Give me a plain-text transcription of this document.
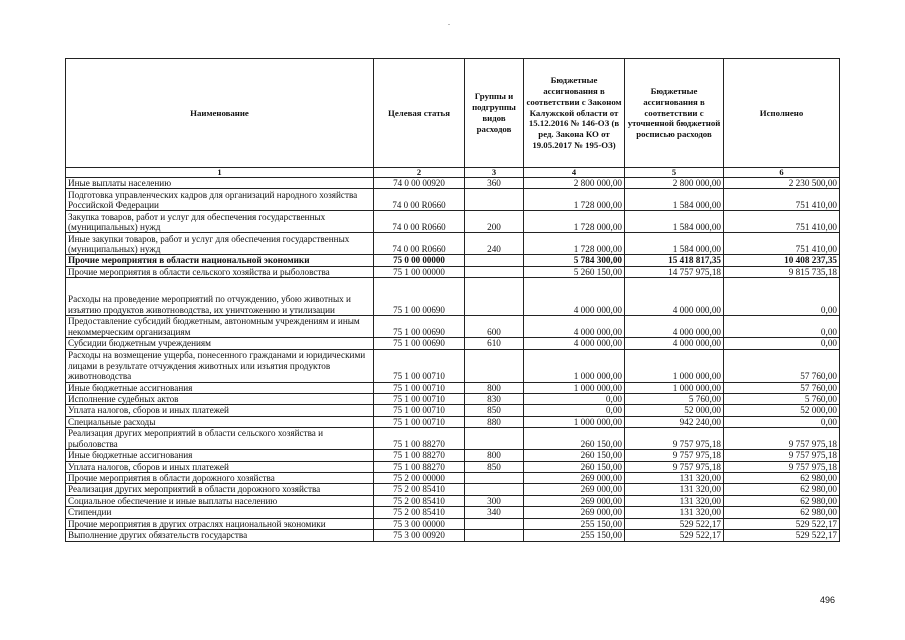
Наименование	Целевая статья	Группы и подгруппы видов расходов	Бюджетные ассигнования в соответствии с Законом Калужской области от 15.12.2016 № 146-ОЗ (в ред. Закона КО от 19.05.2017 № 195-ОЗ)	Бюджетные ассигнования в соответствии с уточненной бюджетной росписью расходов	Исполнено
1	2	3	4	5	6
Иные выплаты населению	74 0 00 00920	360	2 800 000,00	2 800 000,00	2 230 500,00
Подготовка управленческих кадров для организаций народного хозяйства Российской Федерации	74 0 00 R0660		1 728 000,00	1 584 000,00	751 410,00
Закупка товаров, работ и услуг для обеспечения государственных (муниципальных) нужд	74 0 00 R0660	200	1 728 000,00	1 584 000,00	751 410,00
Иные закупки товаров, работ и услуг для обеспечения государственных (муниципальных) нужд	74 0 00 R0660	240	1 728 000,00	1 584 000,00	751 410,00
Прочие мероприятия в области национальной экономики	75 0 00 00000		5 784 300,00	15 418 817,35	10 408 237,35
Прочие мероприятия в области сельского хозяйства и рыболовства	75 1 00 00000		5 260 150,00	14 757 975,18	9 815 735,18
Расходы на проведение мероприятий по отчуждению, убою животных и изъятию продуктов животноводства, их уничтожению и утилизации	75 1 00 00690		4 000 000,00	4 000 000,00	0,00
Предоставление субсидий бюджетным, автономным учреждениям и иным некоммерческим организациям	75 1 00 00690	600	4 000 000,00	4 000 000,00	0,00
Субсидии бюджетным учреждениям	75 1 00 00690	610	4 000 000,00	4 000 000,00	0,00
Расходы на возмещение ущерба, понесенного гражданами и юридическими лицами в результате отчуждения животных или изъятия продуктов животноводства	75 1 00 00710		1 000 000,00	1 000 000,00	57 760,00
Иные бюджетные ассигнования	75 1 00 00710	800	1 000 000,00	1 000 000,00	57 760,00
Исполнение судебных актов	75 1 00 00710	830	0,00	5 760,00	5 760,00
Уплата налогов, сборов и иных платежей	75 1 00 00710	850	0,00	52 000,00	52 000,00
Специальные расходы	75 1 00 00710	880	1 000 000,00	942 240,00	0,00
Реализация других мероприятий в области сельского хозяйства и рыболовства	75 1 00 88270		260 150,00	9 757 975,18	9 757 975,18
Иные бюджетные ассигнования	75 1 00 88270	800	260 150,00	9 757 975,18	9 757 975,18
Уплата налогов, сборов и иных платежей	75 1 00 88270	850	260 150,00	9 757 975,18	9 757 975,18
Прочие мероприятия в области дорожного хозяйства	75 2 00 00000		269 000,00	131 320,00	62 980,00
Реализация других мероприятий в области дорожного хозяйства	75 2 00 85410		269 000,00	131 320,00	62 980,00
Социальное обеспечение и иные выплаты населению	75 2 00 85410	300	269 000,00	131 320,00	62 980,00
Стипендии	75 2 00 85410	340	269 000,00	131 320,00	62 980,00
Прочие мероприятия в других отраслях национальной экономики	75 3 00 00000		255 150,00	529 522,17	529 522,17
Выполнение других обязательств государства	75 3 00 00920		255 150,00	529 522,17	529 522,17
496
